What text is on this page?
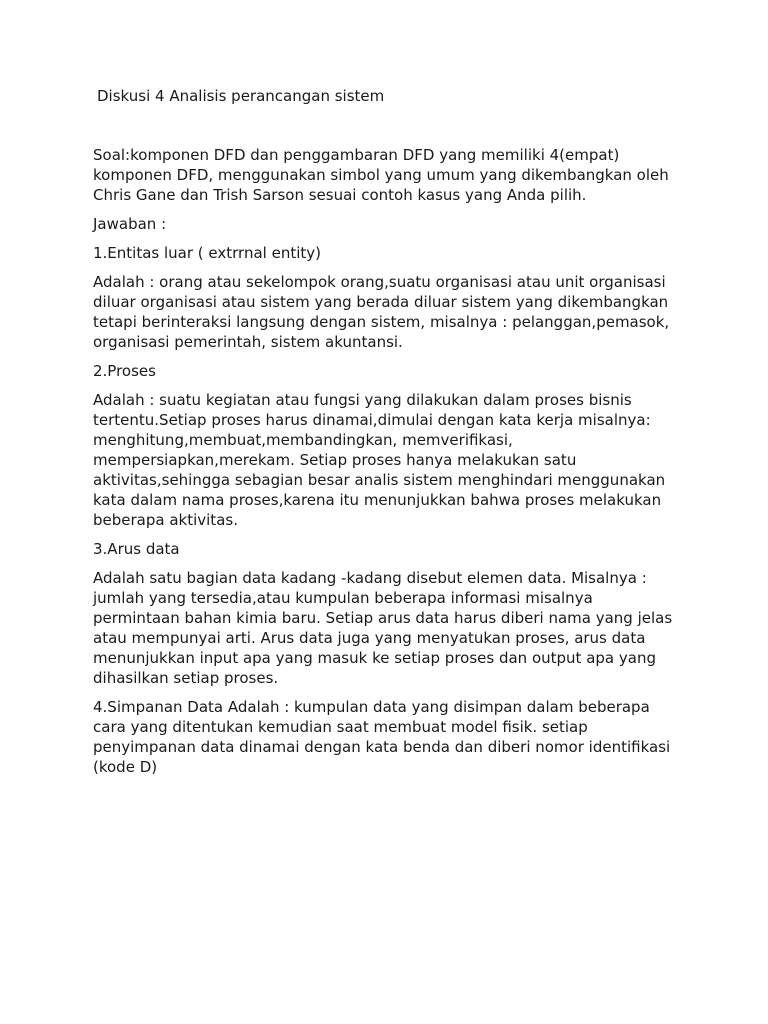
Diskusi 4 Analisis perancangan sistem

Soal:komponen DFD dan penggambaran DFD yang memiliki 4(empat) komponen DFD, menggunakan simbol yang umum yang dikembangkan oleh Chris Gane dan Trish Sarson sesuai contoh kasus yang Anda pilih.

Jawaban :

1.Entitas luar ( extrrnal entity)

Adalah : orang atau sekelompok orang,suatu organisasi atau unit organisasi diluar organisasi atau sistem yang berada diluar sistem yang dikembangkan tetapi berinteraksi langsung dengan sistem, misalnya : pelanggan,pemasok, organisasi pemerintah, sistem akuntansi.

2.Proses

Adalah : suatu kegiatan atau fungsi yang dilakukan dalam proses bisnis tertentu.Setiap proses harus dinamai,dimulai dengan kata kerja misalnya: menghitung,membuat,membandingkan, memverifikasi, mempersiapkan,merekam. Setiap proses hanya melakukan satu aktivitas,sehingga sebagian besar analis sistem menghindari menggunakan kata dalam nama proses,karena itu menunjukkan bahwa proses melakukan beberapa aktivitas.

3.Arus data

Adalah satu bagian data kadang -kadang disebut elemen data. Misalnya : jumlah yang tersedia,atau kumpulan beberapa informasi misalnya permintaan bahan kimia baru. Setiap arus data harus diberi nama yang jelas atau mempunyai arti. Arus data juga yang menyatukan proses, arus data menunjukkan input apa yang masuk ke setiap proses dan output apa yang dihasilkan setiap proses.

4.Simpanan Data Adalah : kumpulan data yang disimpan dalam beberapa cara yang ditentukan kemudian saat membuat model fisik. setiap penyimpanan data dinamai dengan kata benda dan diberi nomor identifikasi (kode D)
